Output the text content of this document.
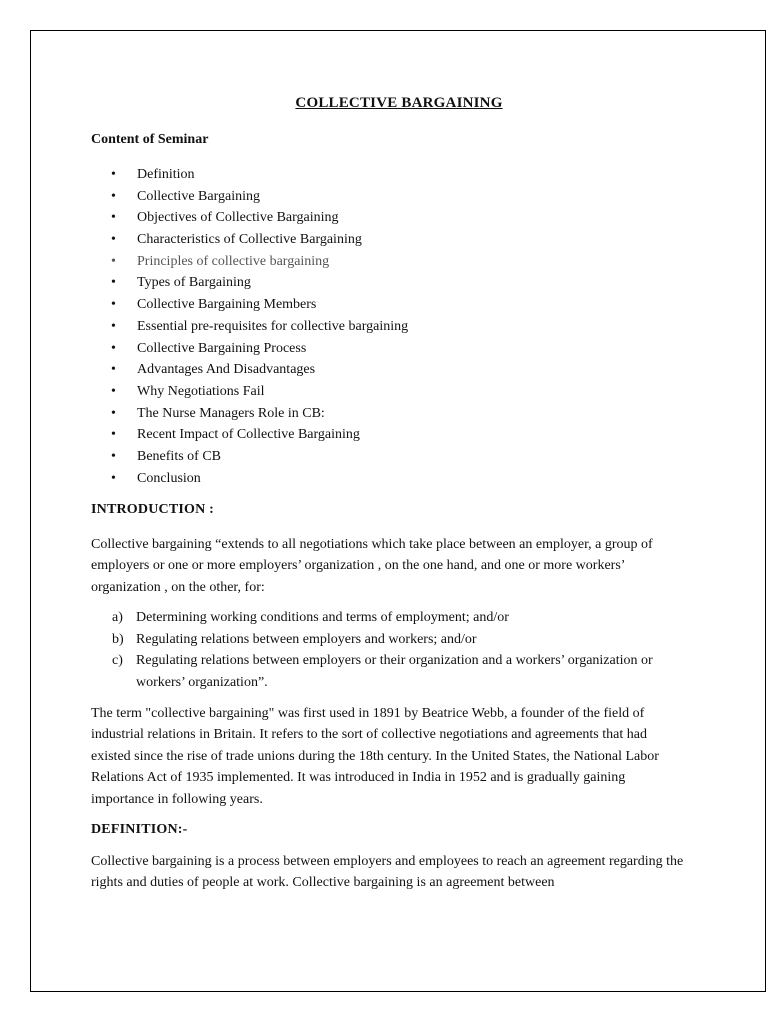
COLLECTIVE BARGAINING
Content of Seminar
• Definition
• Collective Bargaining
• Objectives of Collective Bargaining
• Characteristics of Collective Bargaining
• Principles of collective bargaining
• Types of Bargaining
• Collective Bargaining Members
• Essential pre-requisites for collective bargaining
• Collective Bargaining Process
• Advantages And Disadvantages
• Why Negotiations Fail
• The Nurse Managers Role in CB:
• Recent Impact of Collective Bargaining
• Benefits of CB
• Conclusion
INTRODUCTION :
Collective bargaining “extends to all negotiations which take place between an employer, a group of employers or one or more employers’ organization , on the one hand, and one or more workers’ organization , on the other, for:
a) Determining working conditions and terms of employment; and/or
b) Regulating relations between employers and workers; and/or
c) Regulating relations between employers or their organization and a workers’ organization or workers’ organization”.
The term "collective bargaining" was first used in 1891 by Beatrice Webb, a founder of the field of industrial relations in Britain. It refers to the sort of collective negotiations and agreements that had existed since the rise of trade unions during the 18th century. In the United States, the National Labor Relations Act of 1935 implemented. It was introduced in India in 1952 and is gradually gaining importance in following years.
DEFINITION:-
Collective bargaining is a process between employers and employees to reach an agreement regarding the rights and duties of people at work. Collective bargaining is an agreement between
